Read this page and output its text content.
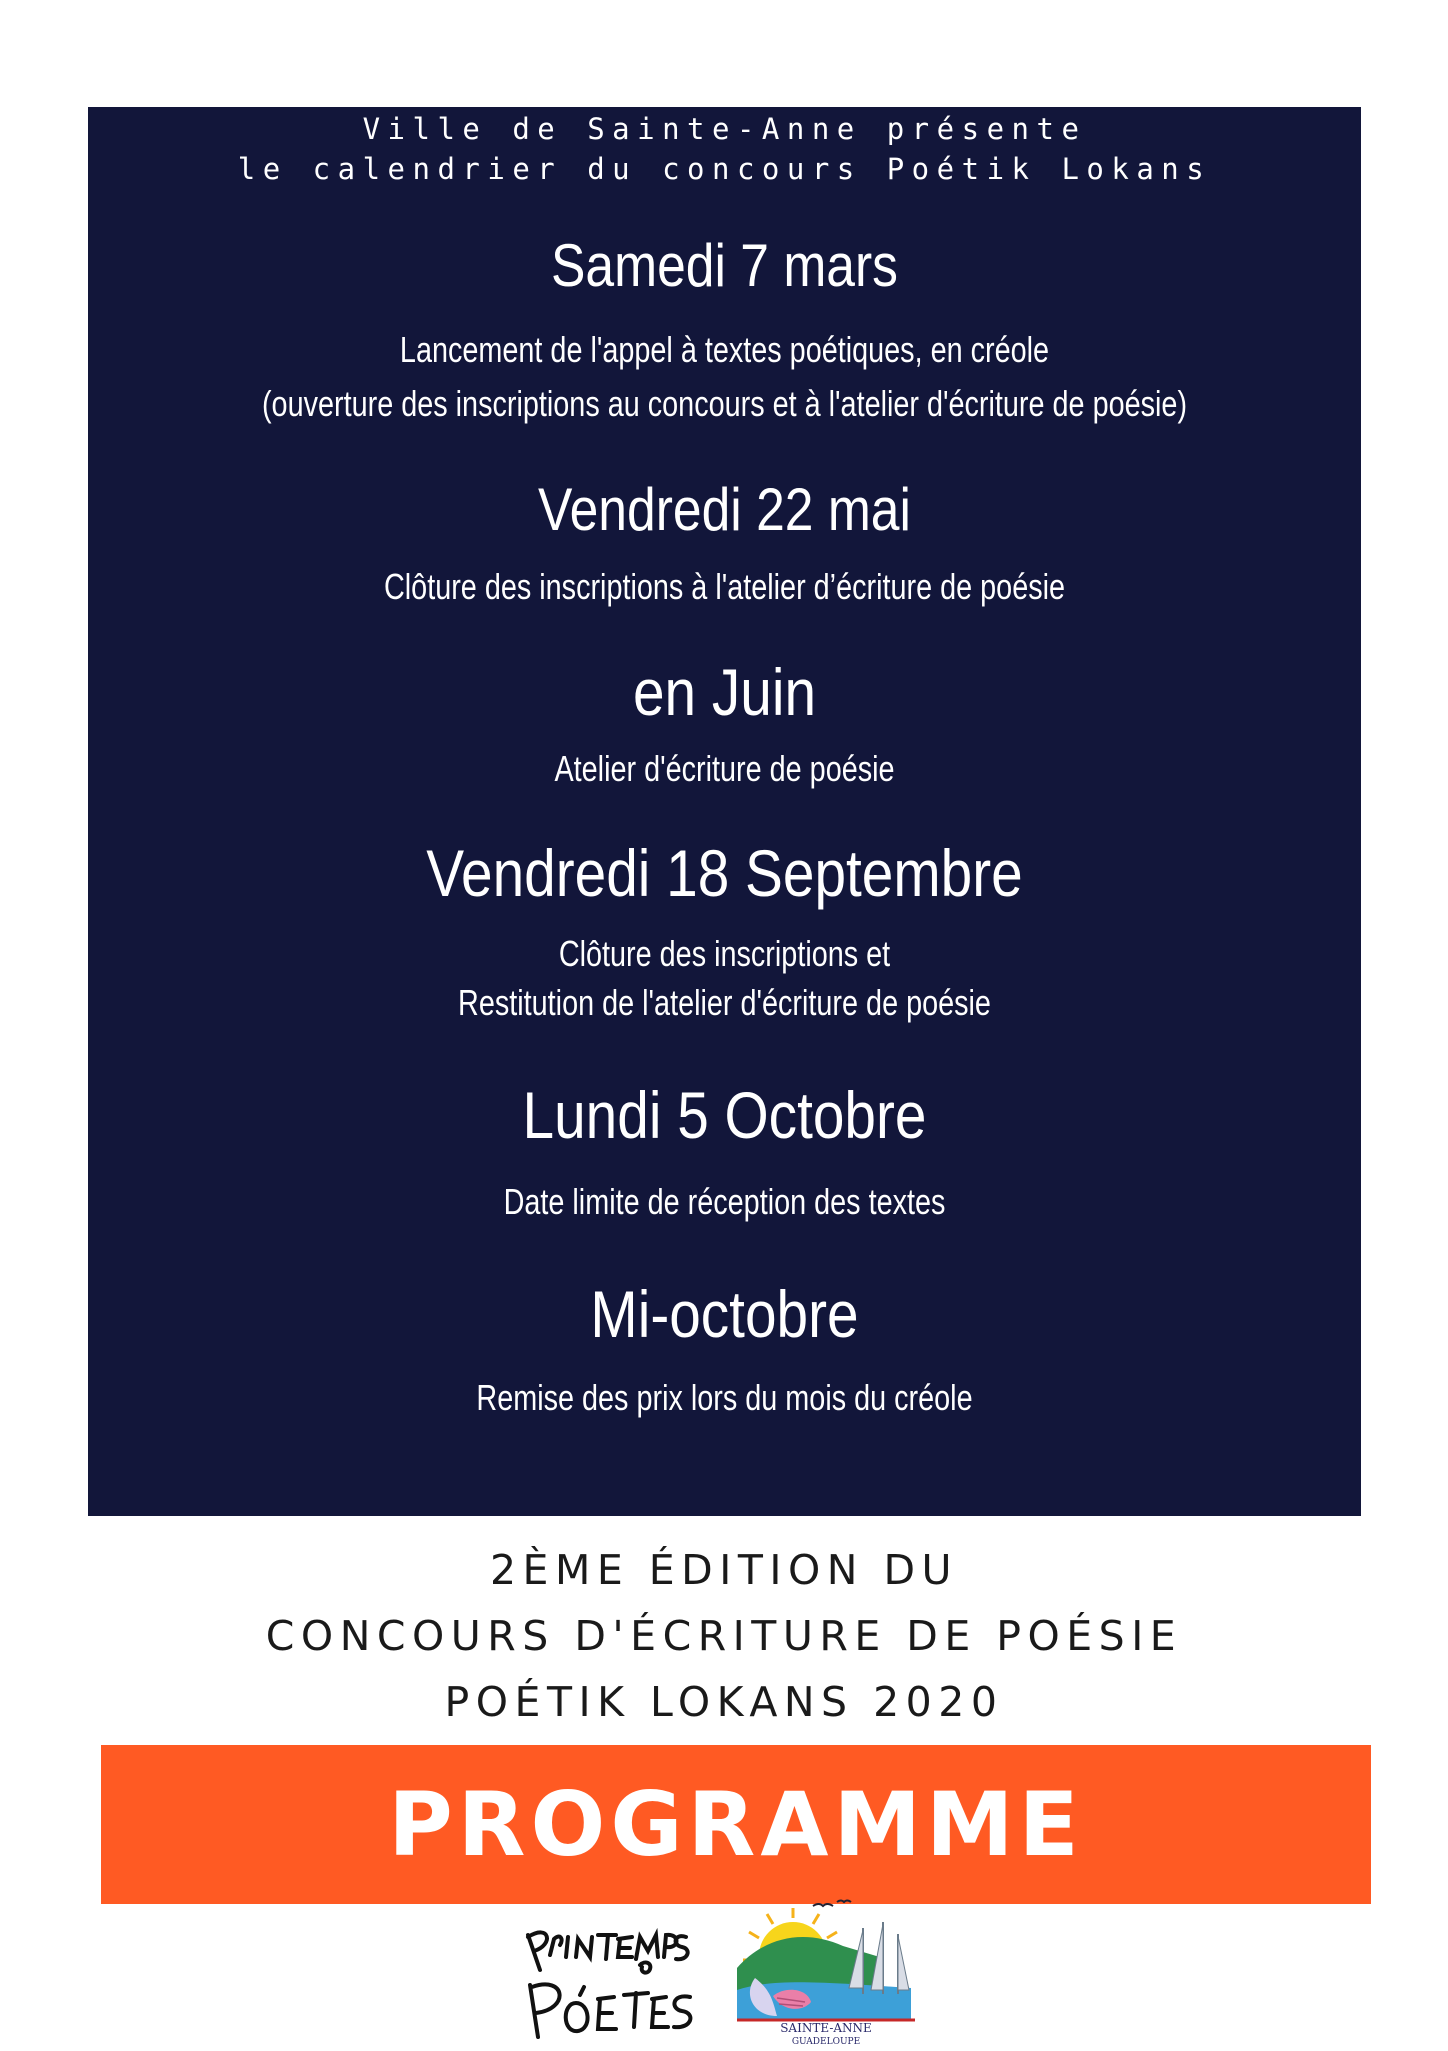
Ville de Sainte-Anne présente
le calendrier du concours Poétik Lokans
Samedi 7 mars
Lancement de l'appel à textes poétiques, en créole
(ouverture des inscriptions au concours et à l'atelier d'écriture de poésie)
Vendredi 22 mai
Clôture des inscriptions à l'atelier d’écriture de poésie
en Juin
Atelier d'écriture de poésie
Vendredi 18 Septembre
Clôture des inscriptions et
Restitution de l'atelier d'écriture de poésie
Lundi 5 Octobre
Date limite de réception des textes
Mi-octobre
Remise des prix lors du mois du créole
2ÈME ÉDITION DU
CONCOURS D'ÉCRITURE DE POÉSIE
POÉTIK LOKANS 2020
PROGRAMME
SAINTE-ANNE
GUADELOUPE
